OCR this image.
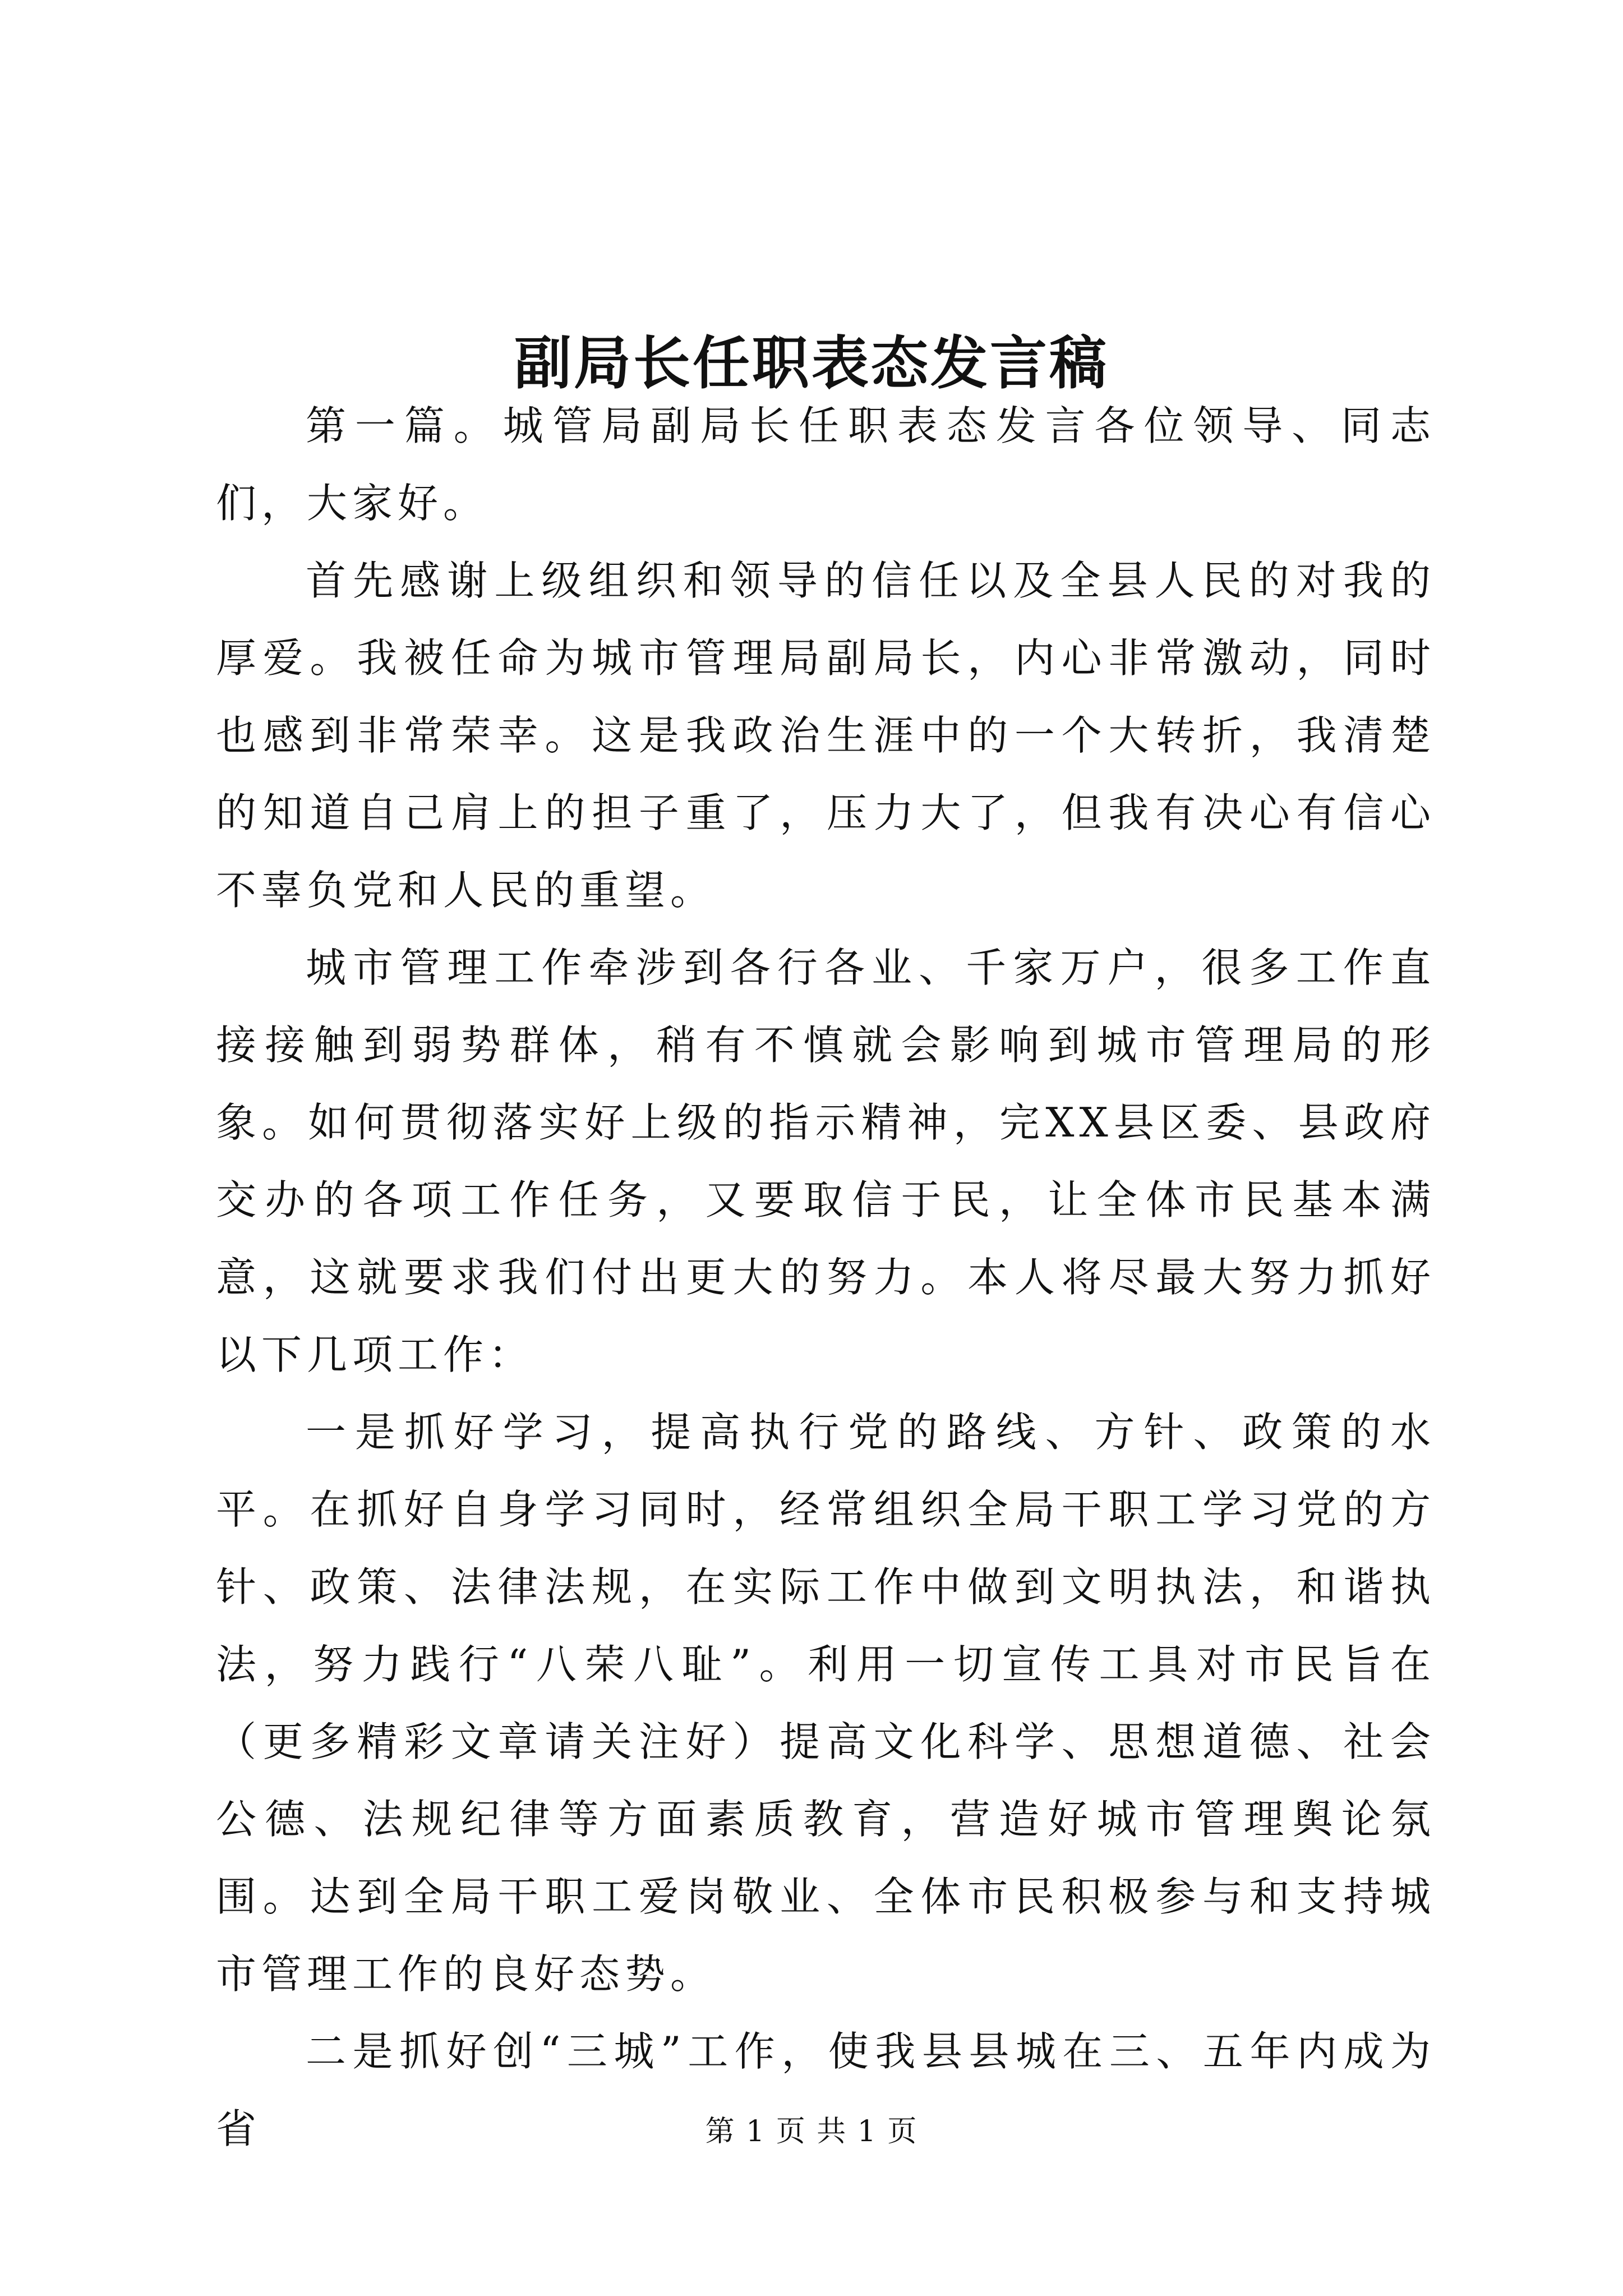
副局长任职表态发言稿

第一篇。城管局副局长任职表态发言各位领导、同志们，大家好。

首先感谢上级组织和领导的信任以及全县人民的对我的厚爱。我被任命为城市管理局副局长，内心非常激动，同时也感到非常荣幸。这是我政治生涯中的一个大转折，我清楚的知道自己肩上的担子重了，压力大了，但我有决心有信心不辜负党和人民的重望。

城市管理工作牵涉到各行各业、千家万户，很多工作直接接触到弱势群体，稍有不慎就会影响到城市管理局的形象。如何贯彻落实好上级的指示精神，完XX县区委、县政府交办的各项工作任务，又要取信于民，让全体市民基本满意，这就要求我们付出更大的努力。本人将尽最大努力抓好以下几项工作：

一是抓好学习，提高执行党的路线、方针、政策的水平。在抓好自身学习同时，经常组织全局干职工学习党的方针、政策、法律法规，在实际工作中做到文明执法，和谐执法，努力践行“八荣八耻”。利用一切宣传工具对市民旨在（更多精彩文章请关注好）提高文化科学、思想道德、社会公德、法规纪律等方面素质教育，营造好城市管理舆论氛围。达到全局干职工爱岗敬业、全体市民积极参与和支持城市管理工作的良好态势。

二是抓好创“三城”工作，使我县县城在三、五年内成为省	第 1 页 共 1 页
